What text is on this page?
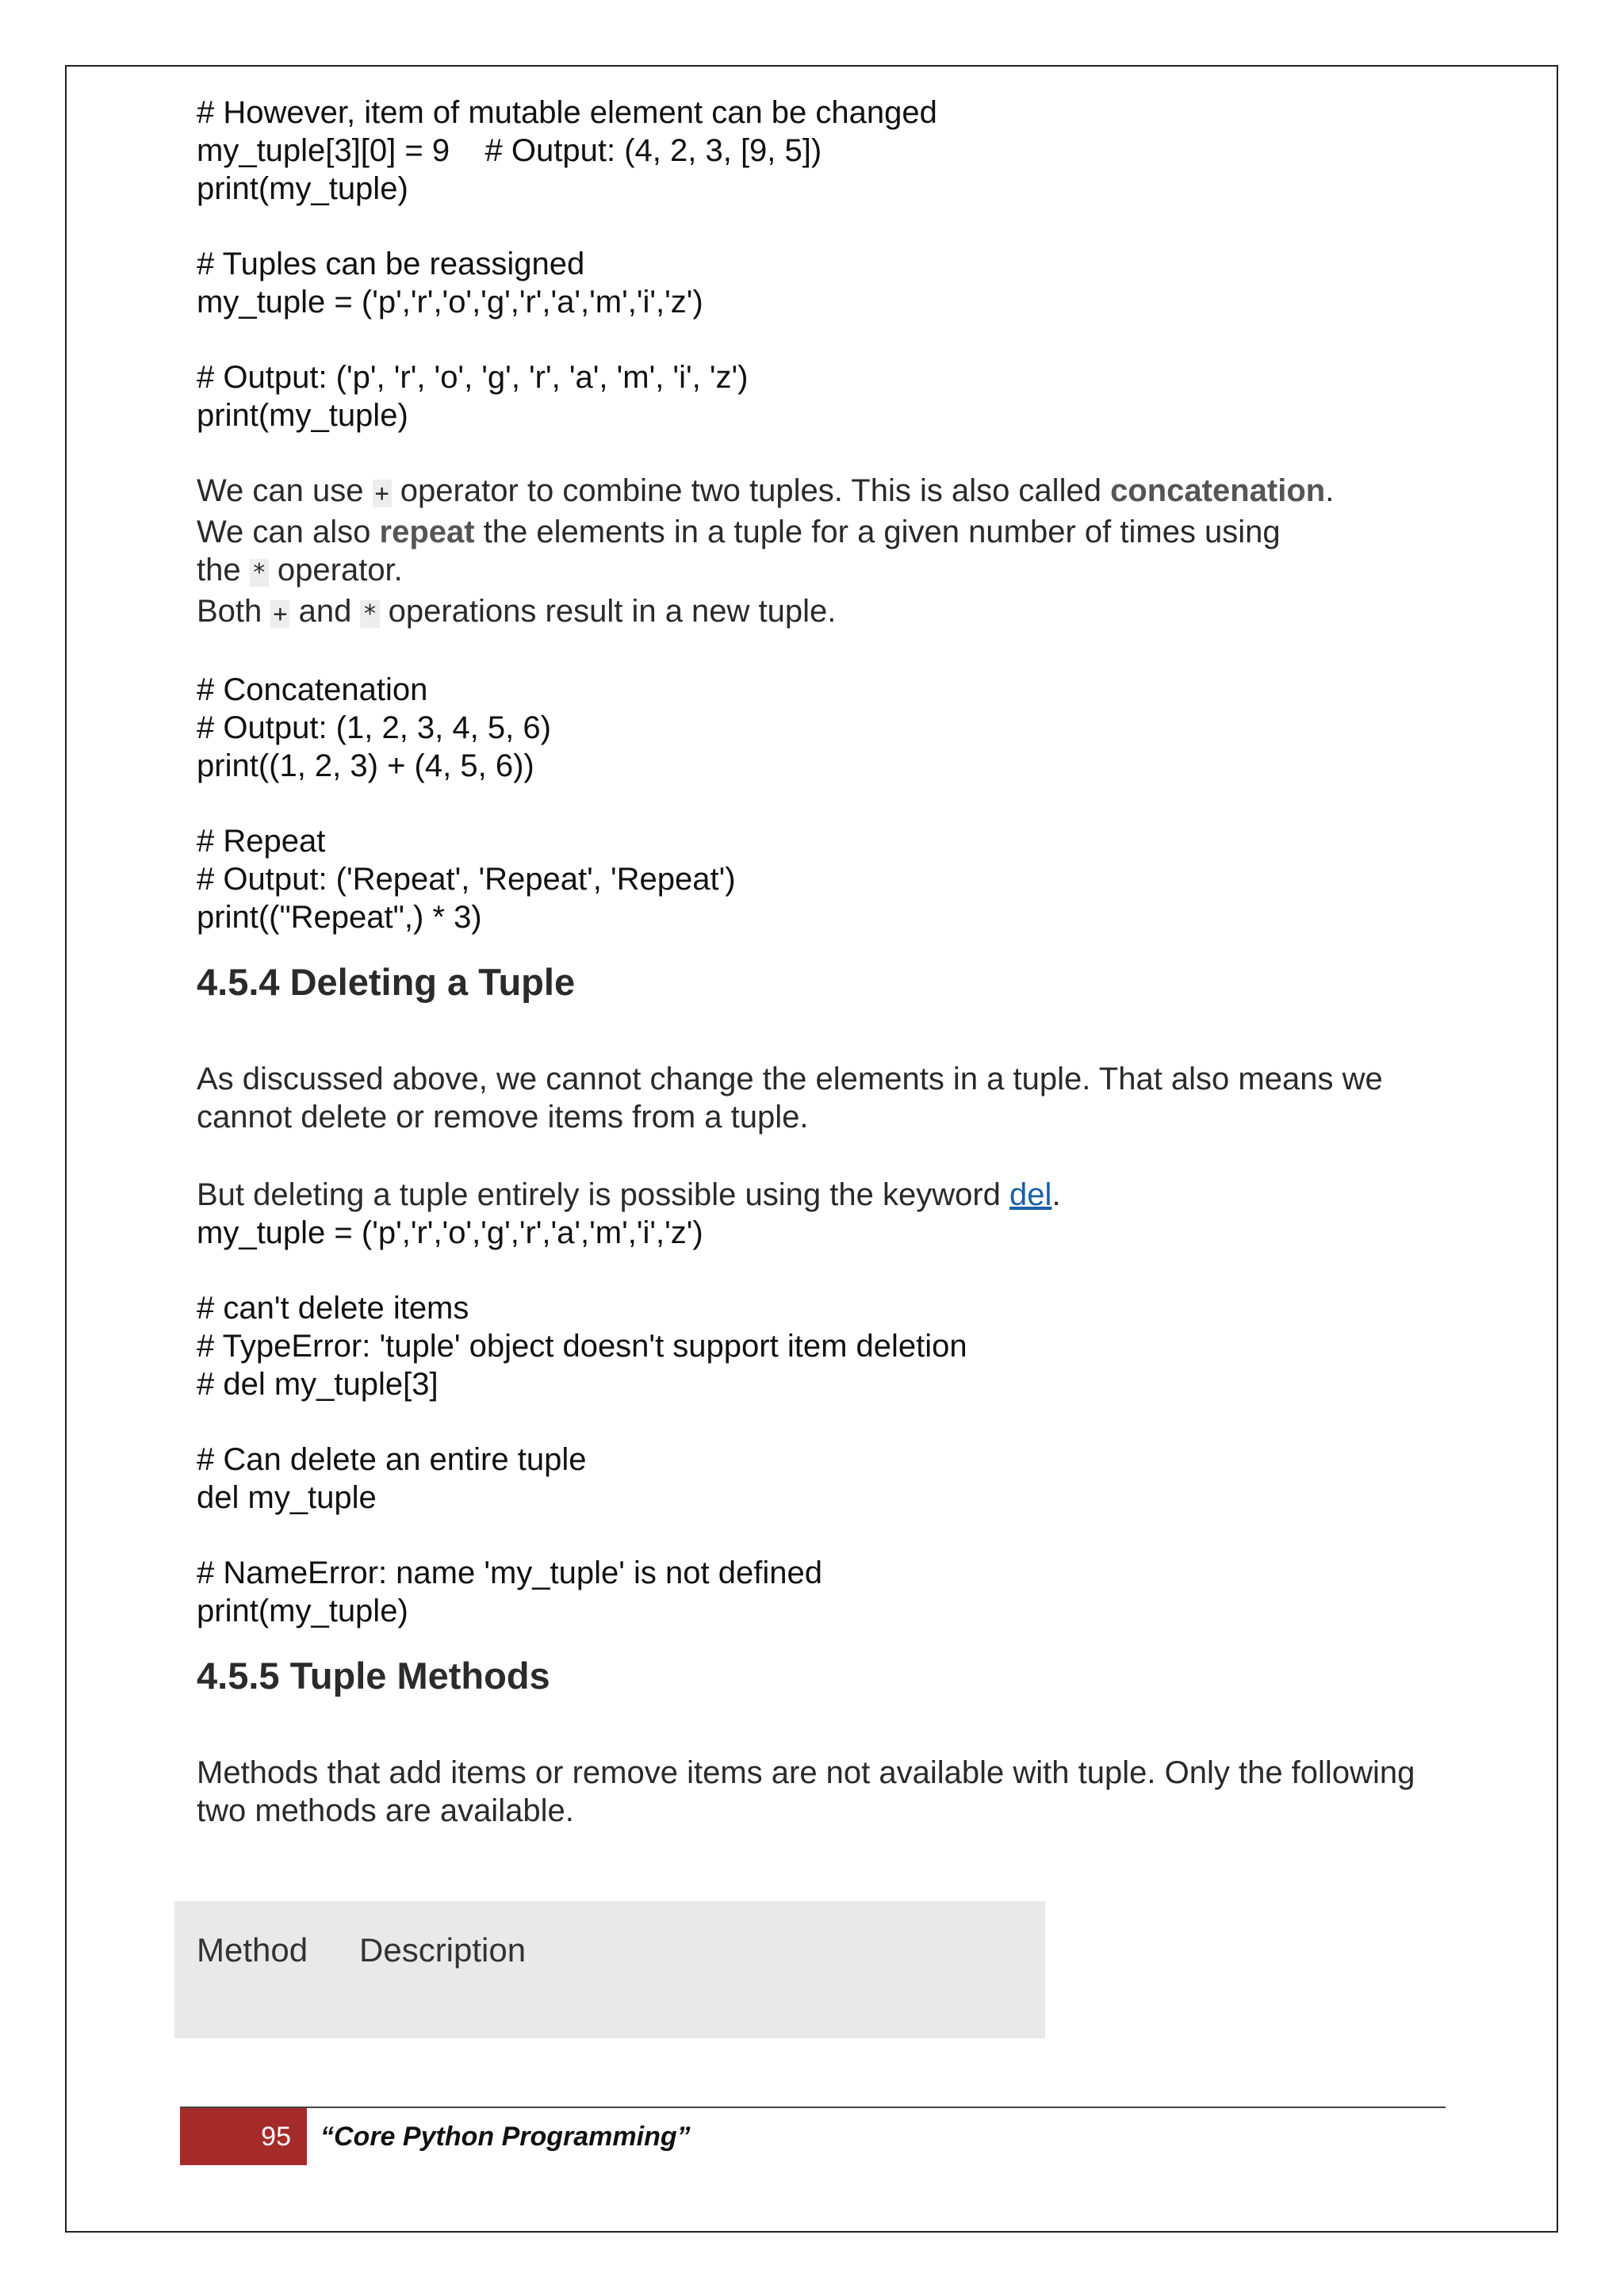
# However, item of mutable element can be changed

my_tuple[3][0] = 9    # Output: (4, 2, 3, [9, 5])

print(my_tuple)

# Tuples can be reassigned

my_tuple = ('p','r','o','g','r','a','m','i','z')

# Output: ('p', 'r', 'o', 'g', 'r', 'a', 'm', 'i', 'z')

print(my_tuple)

We can use + operator to combine two tuples. This is also called concatenation.

We can also repeat the elements in a tuple for a given number of times using

the * operator.

Both + and * operations result in a new tuple.

# Concatenation

# Output: (1, 2, 3, 4, 5, 6)

print((1, 2, 3) + (4, 5, 6))

# Repeat

# Output: ('Repeat', 'Repeat', 'Repeat')

print(("Repeat",) * 3)

4.5.4 Deleting a Tuple

As discussed above, we cannot change the elements in a tuple. That also means we cannot delete or remove items from a tuple.

But deleting a tuple entirely is possible using the keyword del.

my_tuple = ('p','r','o','g','r','a','m','i','z')

# can't delete items

# TypeError: 'tuple' object doesn't support item deletion

# del my_tuple[3]

# Can delete an entire tuple

del my_tuple

# NameError: name 'my_tuple' is not defined

print(my_tuple)

4.5.5 Tuple Methods

Methods that add items or remove items are not available with tuple. Only the following two methods are available.

Method Description
95	“Core Python Programming”
